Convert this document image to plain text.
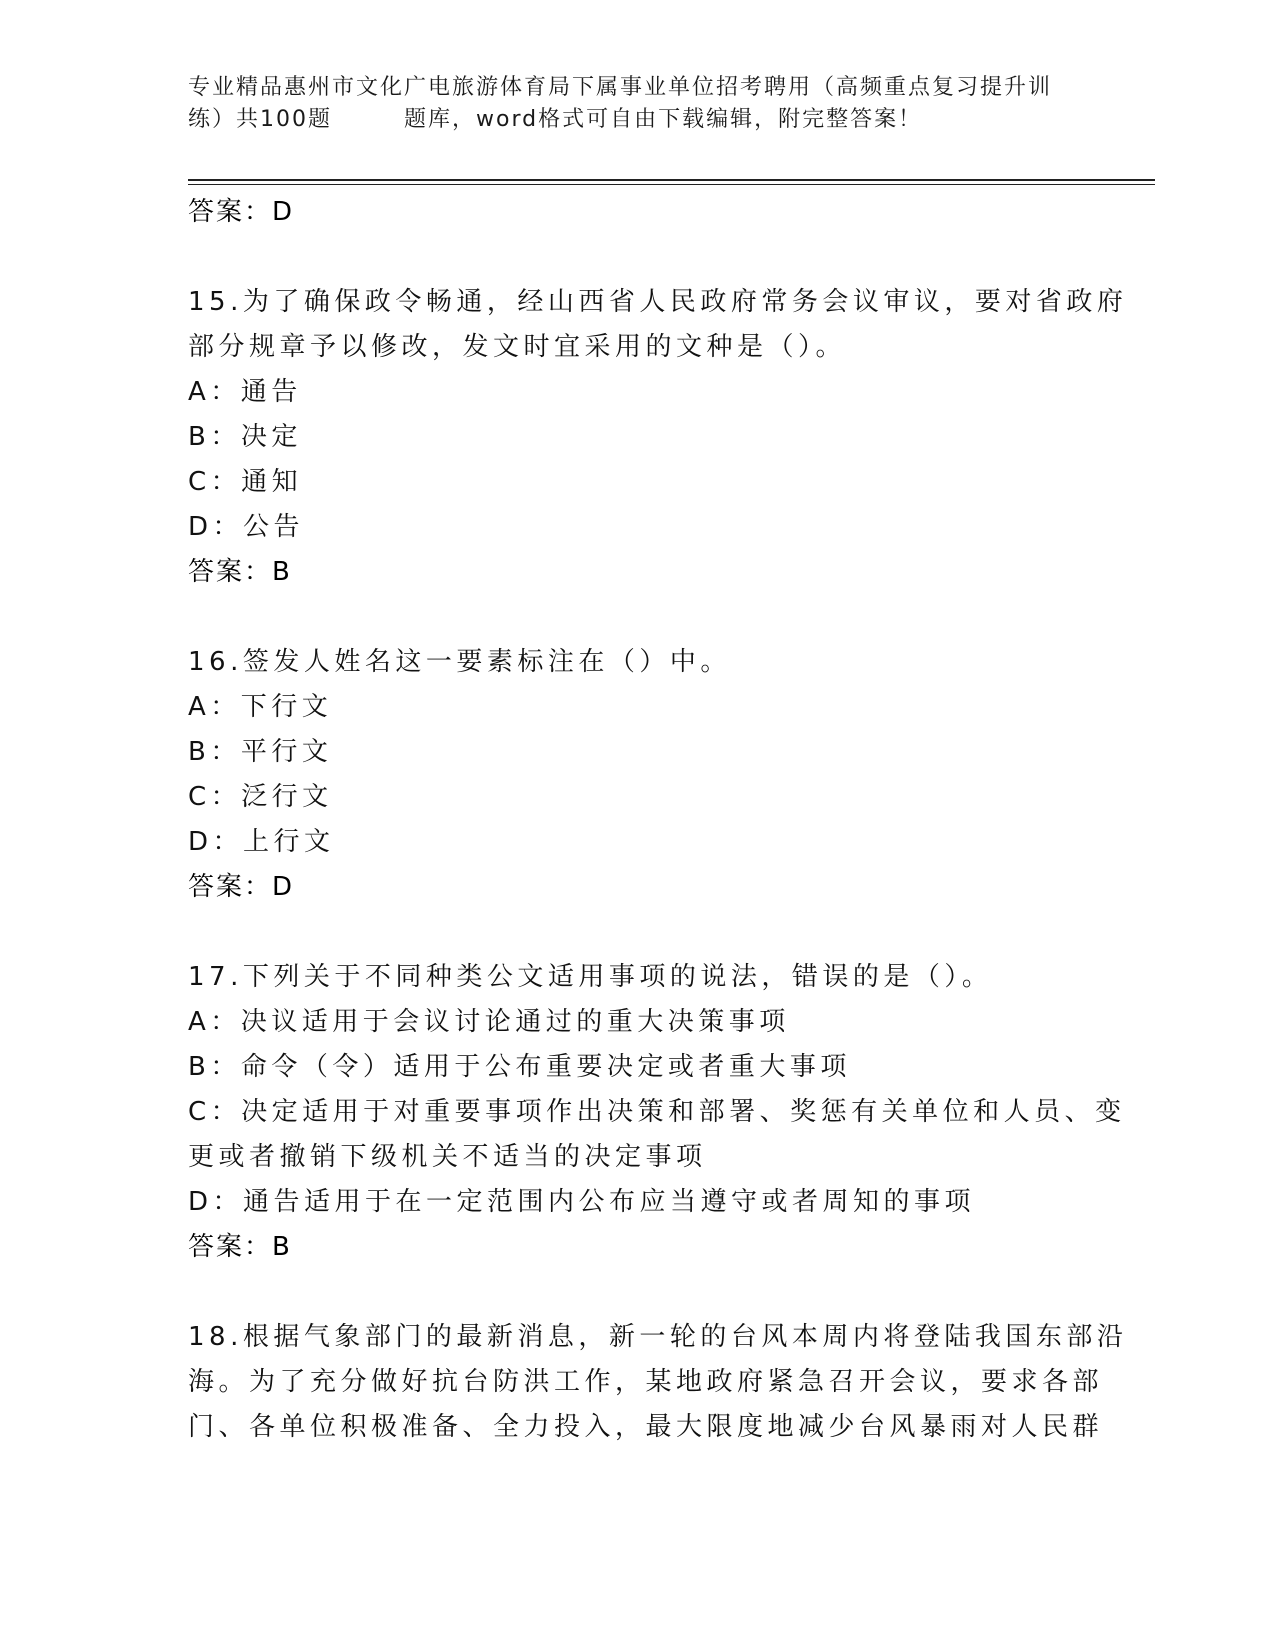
专业精品惠州市文化广电旅游体育局下属事业单位招考聘用（高频重点复习提升训
练）共100题　　　题库，word格式可自由下载编辑，附完整答案！
答案：D
15.为了确保政令畅通，经山西省人民政府常务会议审议，要对省政府
部分规章予以修改，发文时宜采用的文种是（）。
A：通告
B：决定
C：通知
D：公告
答案：B
16.签发人姓名这一要素标注在（）中。
A：下行文
B：平行文
C：泛行文
D：上行文
答案：D
17.下列关于不同种类公文适用事项的说法，错误的是（）。
A：决议适用于会议讨论通过的重大决策事项
B：命令（令）适用于公布重要决定或者重大事项
C：决定适用于对重要事项作出决策和部署、奖惩有关单位和人员、变
更或者撤销下级机关不适当的决定事项
D：通告适用于在一定范围内公布应当遵守或者周知的事项
答案：B
18.根据气象部门的最新消息，新一轮的台风本周内将登陆我国东部沿
海。为了充分做好抗台防洪工作，某地政府紧急召开会议，要求各部
门、各单位积极准备、全力投入，最大限度地减少台风暴雨对人民群
